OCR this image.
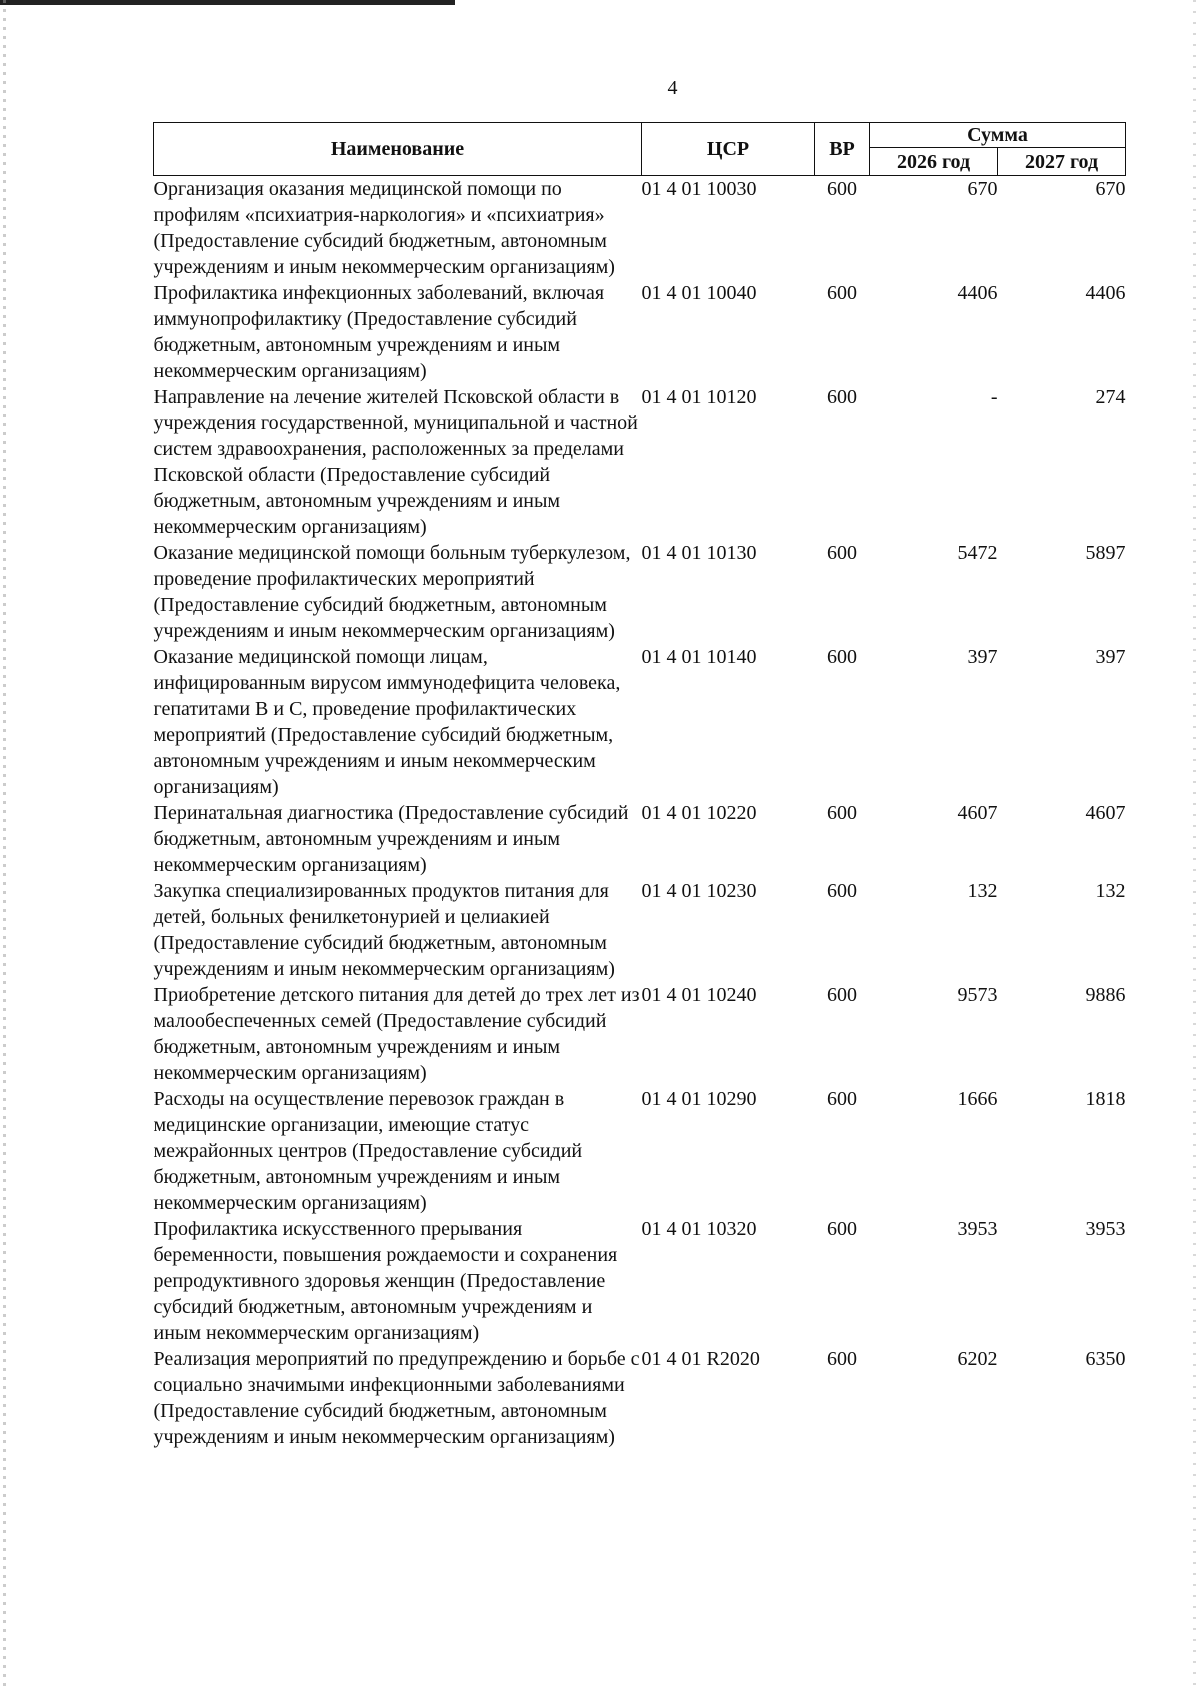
4
Наименование	ЦСР	ВР	Сумма	
			2026 год	2027 год
Организация оказания медицинской помощи по профилям «психиатрия-наркология» и «психиатрия» (Предоставление субсидий бюджетным, автономным учреждениям и иным некоммерческим организациям)	01 4 01 10030	600	670	670
Профилактика инфекционных заболеваний, включая иммунопрофилактику (Предоставление субсидий бюджетным, автономным учреждениям и иным некоммерческим организациям)	01 4 01 10040	600	4406	4406
Направление на лечение жителей Псковской области в учреждения государственной, муниципальной и частной систем здравоохранения, расположенных за пределами Псковской области (Предоставление субсидий бюджетным, автономным учреждениям и иным некоммерческим организациям)	01 4 01 10120	600	-	274
Оказание медицинской помощи больным туберкулезом, проведение профилактических мероприятий (Предоставление субсидий бюджетным, автономным учреждениям и иным некоммерческим организациям)	01 4 01 10130	600	5472	5897
Оказание медицинской помощи лицам, инфицированным вирусом иммунодефицита человека, гепатитами В и С, проведение профилактических мероприятий (Предоставление субсидий бюджетным, автономным учреждениям и иным некоммерческим организациям)	01 4 01 10140	600	397	397
Перинатальная диагностика (Предоставление субсидий бюджетным, автономным учреждениям и иным некоммерческим организациям)	01 4 01 10220	600	4607	4607
Закупка специализированных продуктов питания для детей, больных фенилкетонурией и целиакией (Предоставление субсидий бюджетным, автономным учреждениям и иным некоммерческим организациям)	01 4 01 10230	600	132	132
Приобретение детского питания для детей до трех лет из малообеспеченных семей (Предоставление субсидий бюджетным, автономным учреждениям и иным некоммерческим организациям)	01 4 01 10240	600	9573	9886
Расходы на осуществление перевозок граждан в медицинские организации, имеющие статус межрайонных центров (Предоставление субсидий бюджетным, автономным учреждениям и иным некоммерческим организациям)	01 4 01 10290	600	1666	1818
Профилактика искусственного прерывания беременности, повышения рождаемости и сохранения репродуктивного здоровья женщин (Предоставление субсидий бюджетным, автономным учреждениям и иным некоммерческим организациям)	01 4 01 10320	600	3953	3953
Реализация мероприятий по предупреждению и борьбе с социально значимыми инфекционными заболеваниями (Предоставление субсидий бюджетным, автономным учреждениям и иным некоммерческим организациям)	01 4 01 R2020	600	6202	6350
